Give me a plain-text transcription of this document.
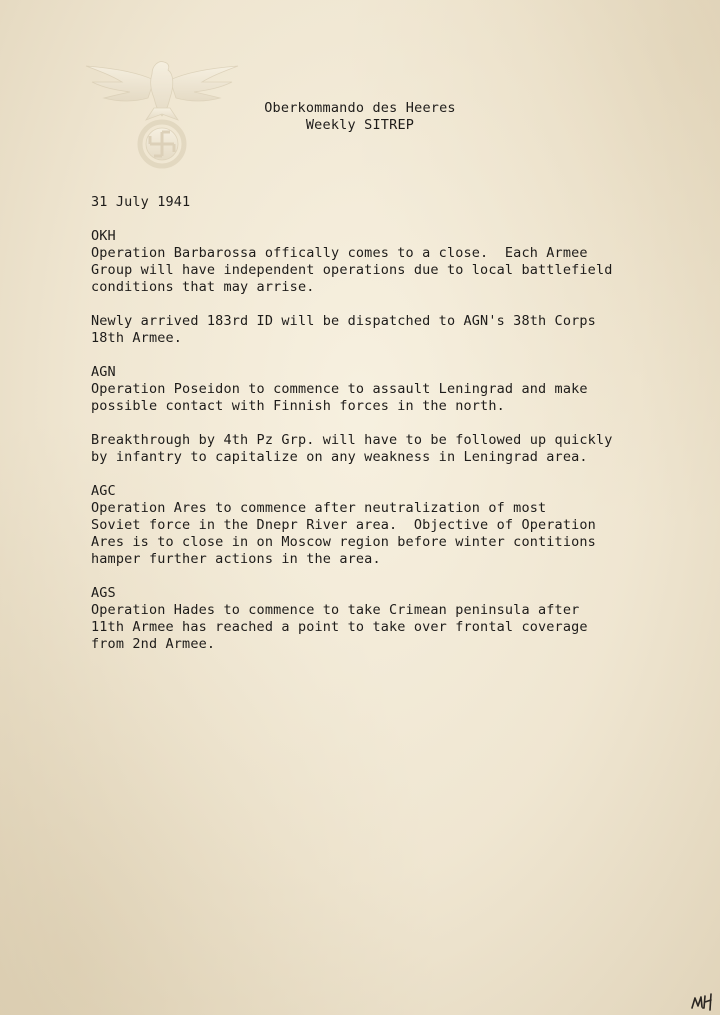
Oberkommando des Heeres
Weekly SITREP
31 July 1941
OKH
Operation Barbarossa offically comes to a close.  Each Armee
Group will have independent operations due to local battlefield
conditions that may arrise.
Newly arrived 183rd ID will be dispatched to AGN's 38th Corps
18th Armee.
AGN
Operation Poseidon to commence to assault Leningrad and make
possible contact with Finnish forces in the north.
Breakthrough by 4th Pz Grp. will have to be followed up quickly
by infantry to capitalize on any weakness in Leningrad area.
AGC
Operation Ares to commence after neutralization of most
Soviet force in the Dnepr River area.  Objective of Operation
Ares is to close in on Moscow region before winter contitions
hamper further actions in the area.
AGS
Operation Hades to commence to take Crimean peninsula after
11th Armee has reached a point to take over frontal coverage
from 2nd Armee.
